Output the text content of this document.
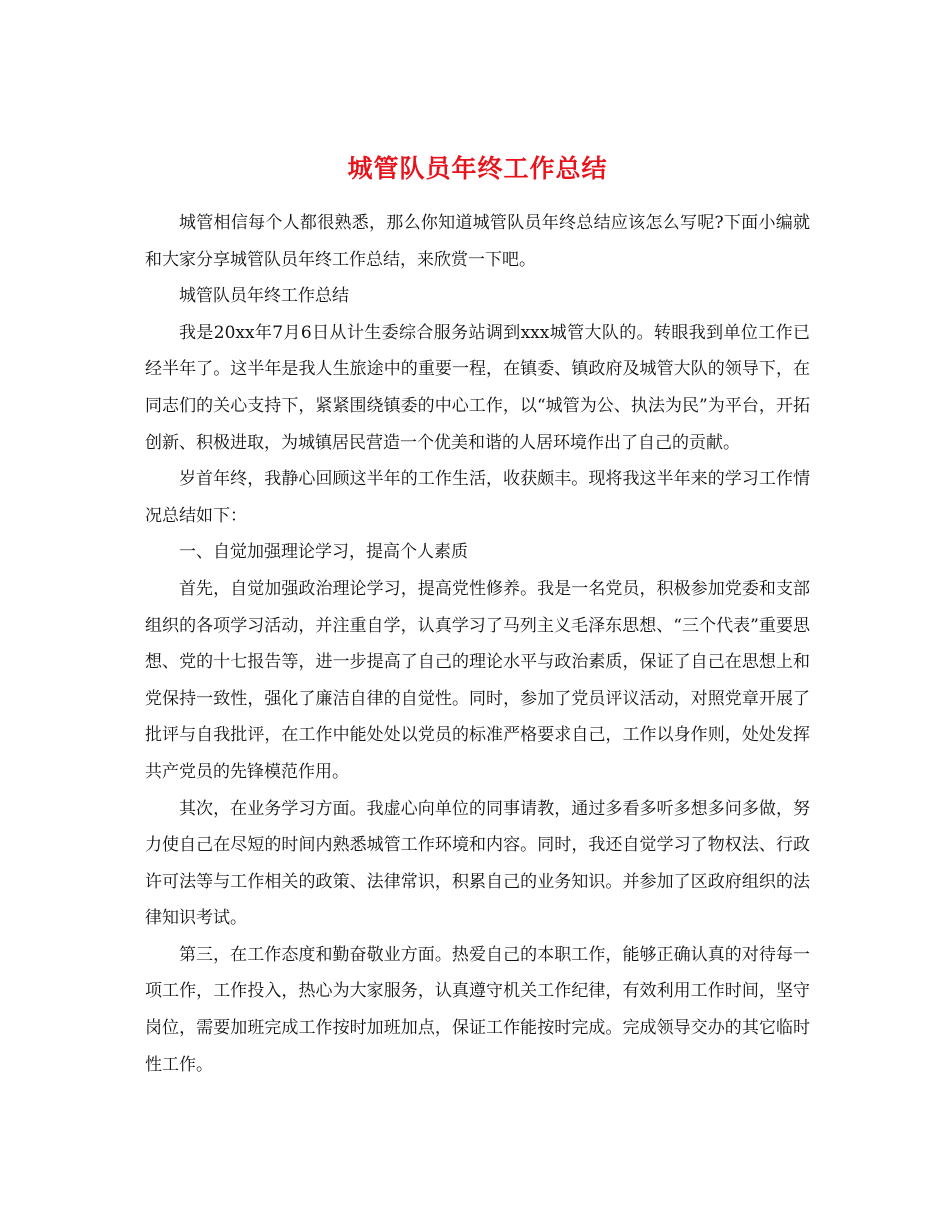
城管队员年终工作总结

城管相信每个人都很熟悉，那么你知道城管队员年终总结应该怎么写呢?下面小编就和大家分享城管队员年终工作总结，来欣赏一下吧。

城管队员年终工作总结

我是20xx年7月6日从计生委综合服务站调到xxx城管大队的。转眼我到单位工作已经半年了。这半年是我人生旅途中的重要一程，在镇委、镇政府及城管大队的领导下，在同志们的关心支持下，紧紧围绕镇委的中心工作，以“城管为公、执法为民”为平台，开拓创新、积极进取，为城镇居民营造一个优美和谐的人居环境作出了自己的贡献。

岁首年终，我静心回顾这半年的工作生活，收获颇丰。现将我这半年来的学习工作情况总结如下：

一、自觉加强理论学习，提高个人素质

首先，自觉加强政治理论学习，提高党性修养。我是一名党员，积极参加党委和支部组织的各项学习活动，并注重自学，认真学习了马列主义毛泽东思想、“三个代表”重要思想、党的十七报告等，进一步提高了自己的理论水平与政治素质，保证了自己在思想上和党保持一致性，强化了廉洁自律的自觉性。同时，参加了党员评议活动，对照党章开展了批评与自我批评，在工作中能处处以党员的标准严格要求自己，工作以身作则，处处发挥共产党员的先锋模范作用。

其次，在业务学习方面。我虚心向单位的同事请教，通过多看多听多想多问多做，努力使自己在尽短的时间内熟悉城管工作环境和内容。同时，我还自觉学习了物权法、行政许可法等与工作相关的政策、法律常识，积累自己的业务知识。并参加了区政府组织的法律知识考试。

第三，在工作态度和勤奋敬业方面。热爱自己的本职工作，能够正确认真的对待每一项工作，工作投入，热心为大家服务，认真遵守机关工作纪律，有效利用工作时间，坚守岗位，需要加班完成工作按时加班加点，保证工作能按时完成。完成领导交办的其它临时性工作。
